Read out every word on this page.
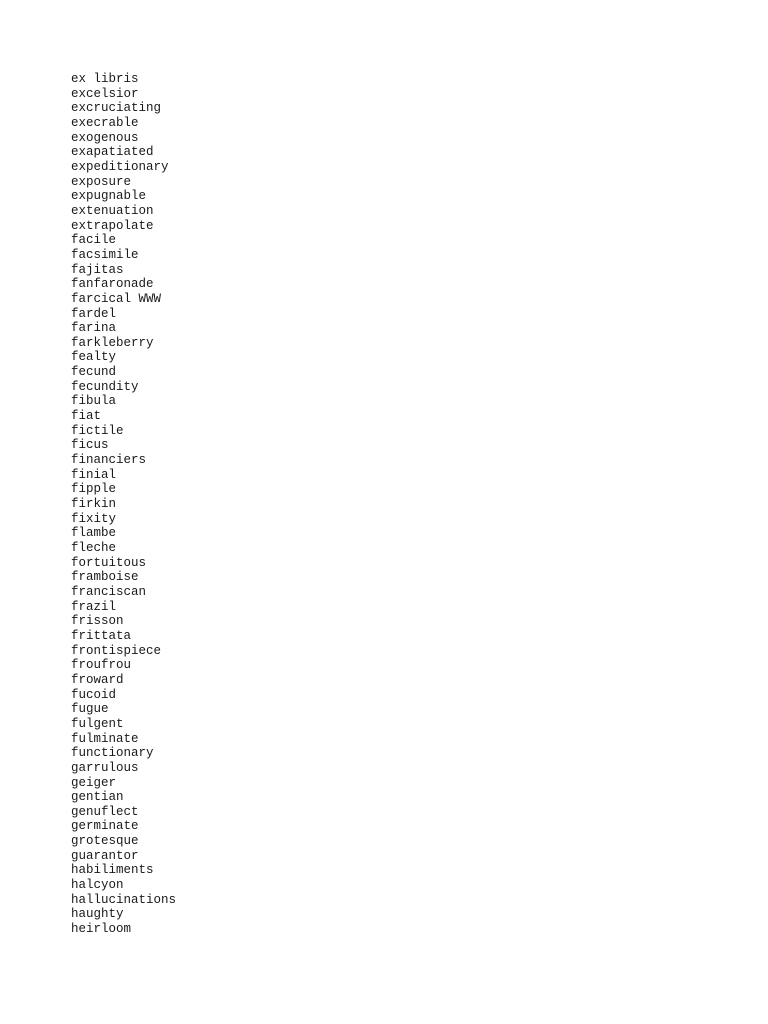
ex libris
excelsior
excruciating
execrable
exogenous
exapatiated
expeditionary
exposure
expugnable
extenuation
extrapolate
facile
facsimile
fajitas
fanfaronade
farcical WWW
fardel
farina
farkleberry
fealty
fecund
fecundity
fibula
fiat
fictile
ficus
financiers
finial
fipple
firkin
fixity
flambe
fleche
fortuitous
framboise
franciscan
frazil
frisson
frittata
frontispiece
froufrou
froward
fucoid
fugue
fulgent
fulminate
functionary
garrulous
geiger
gentian
genuflect
germinate
grotesque
guarantor
habiliments
halcyon
hallucinations
haughty
heirloom
